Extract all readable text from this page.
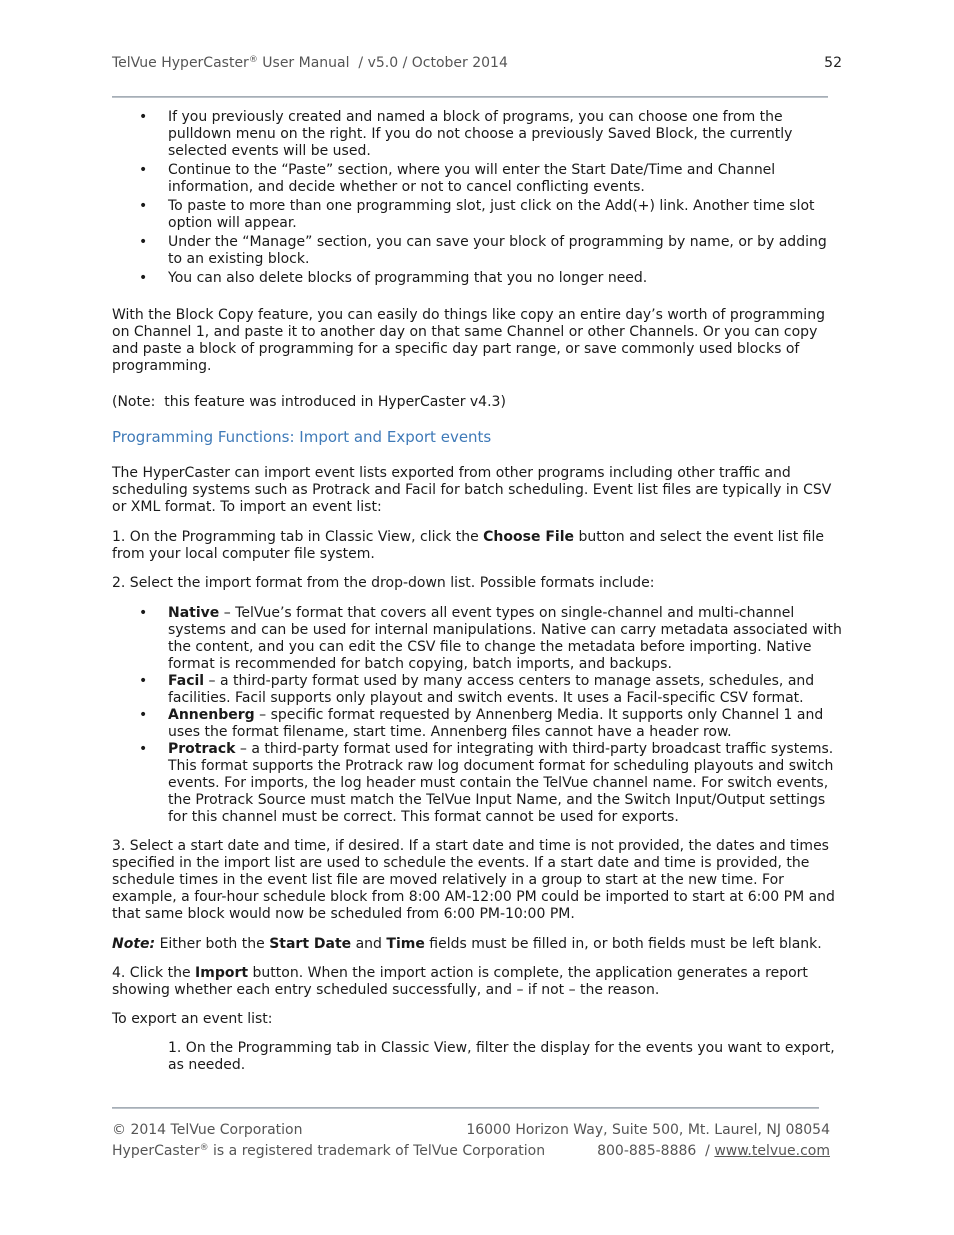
TelVue HyperCaster® User Manual  / v5.0 / October 2014	52
• If you previously created and named a block of programs, you can choose one from the pulldown menu on the right. If you do not choose a previously Saved Block, the currently selected events will be used.
• Continue to the “Paste” section, where you will enter the Start Date/Time and Channel information, and decide whether or not to cancel conflicting events.
• To paste to more than one programming slot, just click on the Add(+) link. Another time slot option will appear.
• Under the “Manage” section, you can save your block of programming by name, or by adding to an existing block.
• You can also delete blocks of programming that you no longer need.

With the Block Copy feature, you can easily do things like copy an entire day’s worth of programming on Channel 1, and paste it to another day on that same Channel or other Channels. Or you can copy and paste a block of programming for a specific day part range, or save commonly used blocks of programming.

(Note:  this feature was introduced in HyperCaster v4.3)

Programming Functions: Import and Export events

The HyperCaster can import event lists exported from other programs including other traffic and scheduling systems such as Protrack and Facil for batch scheduling. Event list files are typically in CSV or XML format. To import an event list:

1. On the Programming tab in Classic View, click the Choose File button and select the event list file from your local computer file system.

2. Select the import format from the drop-down list. Possible formats include:

• Native – TelVue’s format that covers all event types on single-channel and multi-channel systems and can be used for internal manipulations. Native can carry metadata associated with the content, and you can edit the CSV file to change the metadata before importing. Native format is recommended for batch copying, batch imports, and backups.
• Facil – a third-party format used by many access centers to manage assets, schedules, and facilities. Facil supports only playout and switch events. It uses a Facil-specific CSV format.
• Annenberg – specific format requested by Annenberg Media. It supports only Channel 1 and uses the format filename, start time. Annenberg files cannot have a header row.
• Protrack – a third-party format used for integrating with third-party broadcast traffic systems. This format supports the Protrack raw log document format for scheduling playouts and switch events. For imports, the log header must contain the TelVue channel name. For switch events, the Protrack Source must match the TelVue Input Name, and the Switch Input/Output settings for this channel must be correct. This format cannot be used for exports.

3. Select a start date and time, if desired. If a start date and time is not provided, the dates and times specified in the import list are used to schedule the events. If a start date and time is provided, the schedule times in the event list file are moved relatively in a group to start at the new time. For example, a four-hour schedule block from 8:00 AM-12:00 PM could be imported to start at 6:00 PM and that same block would now be scheduled from 6:00 PM-10:00 PM.

Note: Either both the Start Date and Time fields must be filled in, or both fields must be left blank.

4. Click the Import button. When the import action is complete, the application generates a report showing whether each entry scheduled successfully, and – if not – the reason.

To export an event list:

1. On the Programming tab in Classic View, filter the display for the events you want to export, as needed.

© 2014 TelVue Corporation	16000 Horizon Way, Suite 500, Mt. Laurel, NJ 08054
HyperCaster® is a registered trademark of TelVue Corporation	800-885-8886  / www.telvue.com
